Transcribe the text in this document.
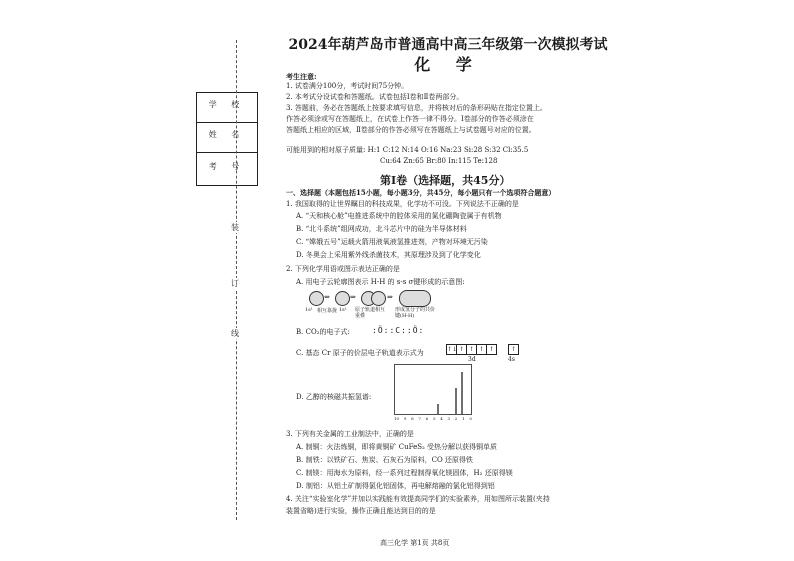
2024年葫芦岛市普通高中高三年级第一次模拟考试
化 学
考生注意:
1. 试卷满分100分，考试时间75分钟。
2. 本考试分设试卷和答题纸。试卷包括Ⅰ卷和Ⅱ卷两部分。
3. 答题前，务必在答题纸上按要求填写信息，并将核对后的条形码贴在指定位置上。
作答必须涂或写在答题纸上，在试卷上作答一律不得分。Ⅰ卷部分的作答必须涂在
答题纸上相应的区域，Ⅱ卷部分的作答必须写在答题纸上与试卷题号对应的位置。
可能用到的相对原子质量: H:1 C:12 N:14 O:16 Na:23 Si:28 S:32 Cl:35.5
Cu:64 Zn:65 Br:80 In:115 Te:128
学 校
姓 名
考 号
装
订
线
第Ⅰ卷（选择题，共45分）
一、选择题（本题包括15小题，每小题3分，共45分，每小题只有一个选项符合题意）
1. 我国取得的让世界瞩目的科技成果，化学功不可没。下列说法不正确的是
A. “天和核心舱”电推进系统中的腔体采用的氮化硼陶瓷属于有机物
B. “北斗系统”组网成功，北斗芯片中的硅为半导体材料
C. “嫦娥五号”运载火箭用液氧液氢推进剂，产物对环境无污染
D. 冬奥会上采用紫外线杀菌技术，其原理涉及到了化学变化
2. 下列化学用语或图示表达正确的是
A. 用电子云轮廓图表示 H-H 的 s-s σ键形成的示意图:
⇔	⇒	⇒
1s¹ 相互靠拢 1s¹ 原子轨道相互重叠
形成氢分子的共价键(H-H)
B. CO₂的电子式:	:Ö::C::Ö:
C. 基态 Cr 原子的价层电子轨道表示式为	↑↓ ↑ ↑ ↑ ↑	↑
3d	4s
D. 乙醇的核磁共振氢谱:
10 9 8 7 6 5 4 3 2 1 0
3. 下列有关金属的工业制法中，正确的是
A. 制铜：火法炼铜，即将黄铜矿 CuFeS₂ 受热分解以获得铜单质
B. 制铁：以铁矿石、焦炭、石灰石为原料，CO 还原得铁
C. 制镁：用海水为原料，经一系列过程制得氧化镁固体，H₂ 还原得镁
D. 制铝：从铝土矿制得氯化铝固体，再电解熔融的氯化铝得到铝
4. 关注“实验室化学”并加以实践能有效提高同学们的实验素养，用如图所示装置(夹持
装置省略)进行实验，操作正确且能达到目的的是
高三化学 第1页 共8页
